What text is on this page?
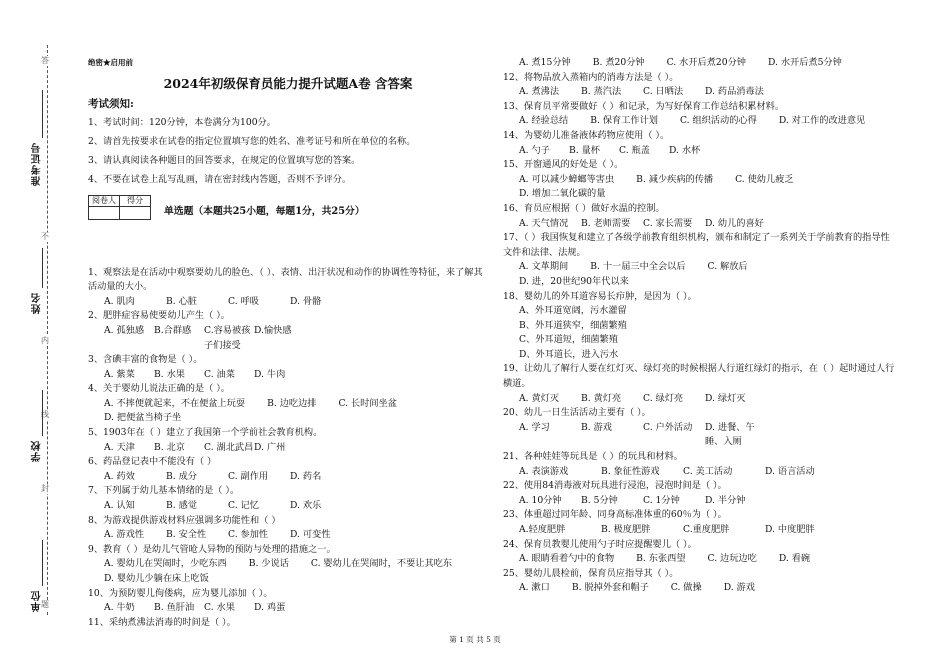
答
不
内
线
封
题
准考证号
姓名
学校
单位
绝密★启用前
2024年初级保育员能力提升试题A卷 含答案
考试须知:
1、考试时间：120分钟，本卷满分为100分。
2、请首先按要求在试卷的指定位置填写您的姓名、准考证号和所在单位的名称。
3、请认真阅读各种题目的回答要求，在规定的位置填写您的答案。
4、不要在试卷上乱写乱画，请在密封线内答题，否则不予评分。
阅卷人	得分

单选题（本题共25小题，每题1分，共25分）
1、观察法是在活动中观察要幼儿的脸色、（ ）、表情、出汗状况和动作的协调性等特征，来了解其活动量的大小。
A. 肌肉	B. 心脏	C. 呼吸	D. 骨骼
2、肥胖症容易使要幼儿产生（ ）。
A. 孤独感	B.合群感	C.容易被孩子们接受
D.愉快感
3、含碘丰富的食物是（ ）。
A. 紫菜	B. 水果	C. 油菜	D. 牛肉
4、关于婴幼儿说法正确的是（ ）。
A. 不摔便就起来，不在便盆上玩耍 B. 边吃边排 C. 长时间坐盆
D. 把便盆当椅子坐
5、1903年在（ ）建立了我国第一个学前社会教育机构。
A. 天津	B. 北京	C. 湖北武昌 D. 广州
6、药品登记表中不能没有（ ）
A. 药效	B. 成分	C. 副作用	D. 药名
7、下列属于幼儿基本情绪的是（ ）。
A. 认知	B. 感觉	C. 记忆	D. 欢乐
8、为游戏提供游戏材料应强调多功能性和（ ）
A. 游戏性	B. 安全性	C. 参加性	D. 可变性
9、教育（ ）是幼儿气管呛人异物的预防与处理的措施之一。
A. 婴幼儿在哭闹时，少吃东西 B. 少说话 C. 婴幼儿在哭闹时，不要让其吃东
D. 婴幼儿少躺在床上吃饭
10、为预防婴儿佝偻病，应为婴儿添加（ ）。
A. 牛奶	B. 鱼肝油	C. 水果	D. 鸡蛋
11、采纳煮沸法消毒的时间是（ ）。
A. 煮15分钟 B. 煮20分钟 C. 水开后煮20分钟 D. 水开后煮5分钟
12、将物品放入蒸箱内的消毒方法是（ ）。
A. 煮沸法	B. 蒸汽法	C. 日晒法	D. 药品消毒法
13、保育员平常要做好（ ）和记录，为写好保育工作总结积累材料。
A. 经验总结 B. 保育工作计划 C. 组织活动的心得 D. 对工作的改进意见
14、为婴幼儿准备液体药物应使用（ ）。
A. 勺子	B. 量杯	C. 瓶盖	D. 水杯
15、开窗通风的好处是（ ）。
A. 可以减少蟑螂等害虫 B. 减少疾病的传播 C. 使幼儿疲乏
D. 增加二氧化碳的量
16、育员应根据（ ）做好水温的控制。
A. 天气情况	B. 老师需要	C. 家长需要	D. 幼儿的喜好
17、（ ）我国恢复和建立了各级学前教育组织机构，颁布和制定了一系列关于学前教育的指导性文件和法律、法规。
A. 文革期间 B. 十一届三中全会以后 C. 解放后
D. 进，20世纪90年代以来
18、婴幼儿的外耳道容易长疖肿，是因为（ ）。
A、外耳道宽阔，污水灌留
B、外耳道狭窄，细菌繁殖
C、外耳道短，细菌繁殖
D、外耳道长，进入污水
19、让幼儿了解行人要在红灯灭、绿灯亮的时候根据人行道红绿灯的指示，在（ ）起时通过人行横道。
A. 黄灯灭	B. 黄灯亮	C. 绿灯亮	D. 绿灯灭
20、幼儿一日生活活动主要有（ ）。
A. 学习	B. 游戏	C. 户外活动	D. 进餐、午睡、入厕
21、各种娃娃等玩具是（ ）的玩具和材料。
A. 表演游戏	B. 象征性游戏	C. 美工活动	D. 语言活动
22、使用84消毒液对玩具进行浸泡，浸泡时间是（ ）。
A. 10分钟	B. 5分钟	C. 1分钟	D. 半分钟
23、体重超过同年龄、同身高标准体重的60％为（ ）。
A.轻度肥胖	B. 极度肥胖	C.重度肥胖	D. 中度肥胖
24、保育员教婴儿使用勺子时应提醒婴儿（ ）。
A. 眼睛看着勺中的食物 B. 东张西望 C. 边玩边吃 D. 看碗
25、婴幼儿晨检前，保育员应指导其（ ）。
A. 漱口 B. 脱掉外套和帽子 C. 做操 D. 游戏
第 1 页 共 5 页
